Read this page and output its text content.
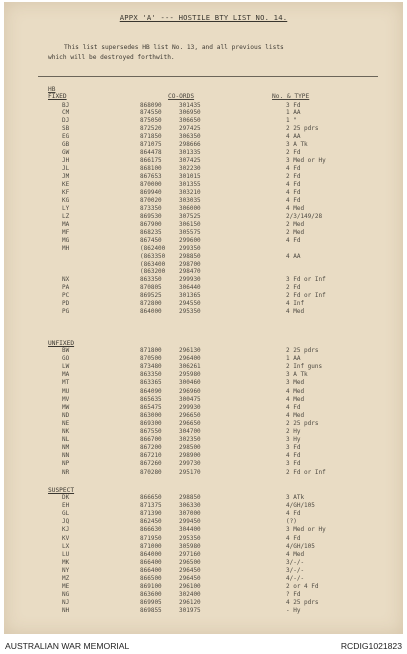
APPX 'A' --- HOSTILE BTY LIST NO. 14.
This list supersedes HB list No. 13, and all previous lists
which will be destroyed forthwith.
HB
CO-ORDS	No. & TYPE
FIXED
BJ	868090	301435	3 Fd
CM	874550	306950	1 AA
DJ	875050	306650	1 "
SB	872520	297425	2 25 pdrs
EG	871850	306350	4 AA
GB	871075	298666	3 A Tk
GW	864478	301335	2 Fd
JH	866175	307425	3 Med or Hy
JL	868100	302230	4 Fd
JM	867653	301015	2 Fd
KE	870000	301355	4 Fd
KF	869940	303210	4 Fd
KG	870020	303035	4 Fd
LY	873350	306000	4 Med
LZ	869530	307525	2/3/149/28
MA	867900	306150	2 Med
MF	868235	305575	2 Med
MG	867450	299600	4 Fd
MH	(862400 299350
(863350 298850	4 AA
(863400 298700
(863200 298470
NX	863350	299930	3 Fd or Inf
PA	870805	306440	2 Fd
PC	869525	301365	2 Fd or Inf
PD	872800	294550	4 Inf
PG	864000	295350	4 Med
UNFIXED
BW	871800	296130	2 25 pdrs
GO	870500	296400	1 AA
LW	873480	306261	2 Inf guns
MA	863350	295980	3 A Tk
MT	863365	300460	3 Med
MU	864090	296960	4 Med
MV	865635	300475	4 Med
MW	865475	299930	4 Fd
ND	863000	296650	4 Med
NE	869300	296650	2 25 pdrs
NK	867550	304700	2 Hy
NL	866700	302350	3 Hy
NM	867200	298500	3 Fd
NN	867210	298900	4 Fd
NP	867260	299730	3 Fd
NR	870280	295170	2 Fd or Inf
SUSPECT
DK	866650	298850	3 ATk
EH	871375	306330	4/GH/105
GL	871390	307000	4 Fd
JQ	862450	299450	(?)
KJ	866630	304400	3 Med or Hy
KV	871950	295350	4 Fd
LX	871000	305980	4/GH/105
LU	864000	297160	4 Med
MK	866400	296500	3/-/-
NY	866400	296450	3/-/-
MZ	866500	296450	4/-/-
ME	869100	296100	2 or 4 Fd
NG	863600	302400	? Fd
NJ	869905	296120	4 25 pdrs
NH	869855	301975	- Hy
AUSTRALIAN WAR MEMORIAL	RCDIG1021823
